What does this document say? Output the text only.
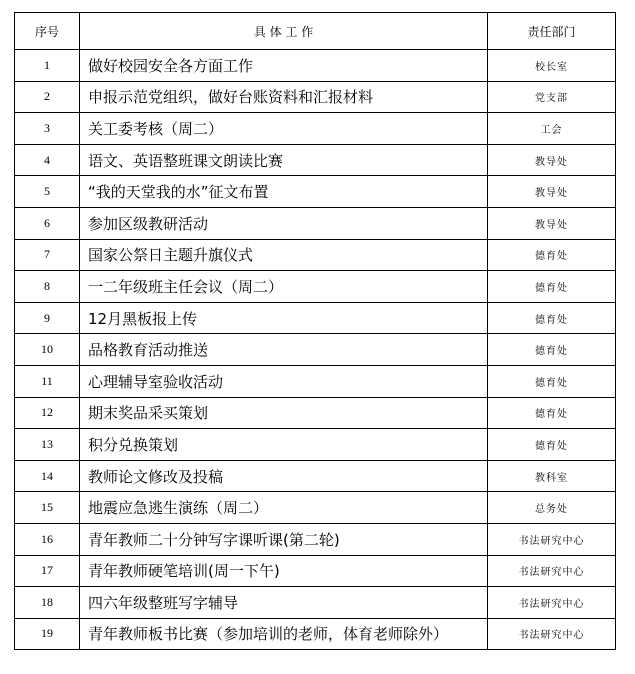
序号	具 体 工 作	责任部门
1	做好校园安全各方面工作	校长室
2	申报示范党组织，做好台账资料和汇报材料	党支部
3	关工委考核（周二）	工会
4	语文、英语整班课文朗读比赛	教导处
5	“我的天堂我的水”征文布置	教导处
6	参加区级教研活动	教导处
7	国家公祭日主题升旗仪式	德育处
8	一二年级班主任会议（周二）	德育处
9	12月黑板报上传	德育处
10	品格教育活动推送	德育处
11	心理辅导室验收活动	德育处
12	期末奖品采买策划	德育处
13	积分兑换策划	德育处
14	教师论文修改及投稿	教科室
15	地震应急逃生演练（周二）	总务处
16	青年教师二十分钟写字课听课(第二轮)	书法研究中心
17	青年教师硬笔培训(周一下午)	书法研究中心
18	四六年级整班写字辅导	书法研究中心
19	青年教师板书比赛（参加培训的老师，体育老师除外）	书法研究中心
